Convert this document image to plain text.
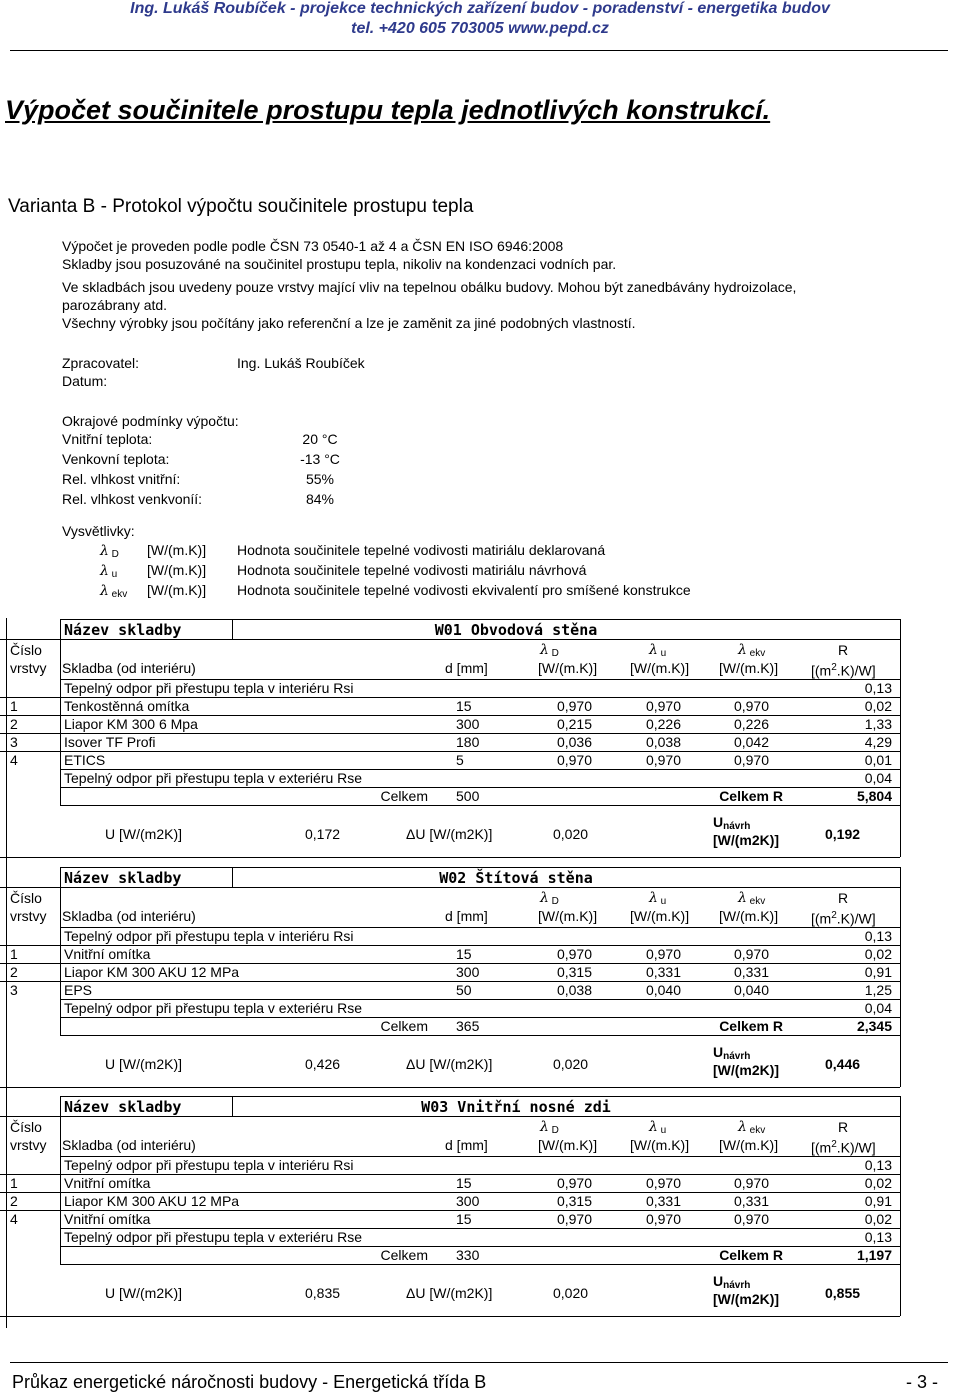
Ing. Lukáš Roubíček - projekce technických zařízení budov - poradenství - energetika budov
tel. +420 605 703005 www.pepd.cz
Výpočet součinitele prostupu tepla jednotlivých konstrukcí.
Varianta B - Protokol výpočtu součinitele prostupu tepla
Výpočet je proveden podle podle ČSN 73 0540-1 až 4 a ČSN EN ISO 6946:2008
Skladby jsou posuzováné na součinitel prostupu tepla, nikoliv na kondenzaci vodních par.
Ve skladbách jsou uvedeny pouze vrstvy mající vliv na tepelnou obálku budovy. Mohou být zanedbávány hydroizolace,
parozábrany atd.
Všechny výrobky jsou počítány jako referenční a lze je zaměnit za jiné podobných vlastností.
Zpracovatel:	Ing. Lukáš Roubíček
Datum:
Okrajové podmínky výpočtu:
Vnitřní teplota:	20 °C
Venkovní teplota:	-13 °C
Rel. vlhkost vnitřní:	55%
Rel. vlhkost venkvoníí:	84%
Vysvětlivky:
λ $_D$ [W/(m.K)] Hodnota součinitele tepelné vodivosti matiriálu deklarovaná
λ $_u$ [W/(m.K)] Hodnota součinitele tepelné vodivosti matiriálu návrhová
λ $_{ekv}$ [W/(m.K)] Hodnota součinitele tepelné vodivosti ekvivalentí pro smíšené konstrukce
Název skladby	W01 Obvodová stěna
Číslo
vrstvy Skladba (od interiéru)	d [mm]
λ $_D$
[W/(m.K)]
λ $_u$
[W/(m.K)]
λ $_{ekv}$
[W/(m.K)]
R
$[(m^2.K)/W]$
Tepelný odpor při přestupu tepla v interiéru Rsi	0,13
1	Tenkostěnná omítka	15	0,970	0,970	0,970	0,02
2	Liapor KM 300 6 Mpa	300	0,215	0,226	0,226	1,33
3	Isover TF Profi	180	0,036	0,038	0,042	4,29
4	ETICS	5	0,970	0,970	0,970	0,01
Tepelný odpor při přestupu tepla v exteriéru Rse	0,04
Celkem 500	Celkem R	5,804
U [W/(m2K)]	0,172	ΔU [W/(m2K)]	0,020
$U_{návrh}$
[W/(m2K)]	0,192
Název skladby	W02 Štítová stěna
Číslo
vrstvy Skladba (od interiéru)	d [mm]
λ $_D$
[W/(m.K)]
λ $_u$
[W/(m.K)]
λ $_{ekv}$
[W/(m.K)]
R
$[(m^2.K)/W]$
Tepelný odpor při přestupu tepla v interiéru Rsi	0,13
1	Vnitřní omítka	15	0,970	0,970	0,970	0,02
2	Liapor KM 300 AKU 12 MPa	300	0,315	0,331	0,331	0,91
3	EPS	50	0,038	0,040	0,040	1,25
Tepelný odpor při přestupu tepla v exteriéru Rse	0,04
Celkem 365	Celkem R	2,345
U [W/(m2K)]	0,426	ΔU [W/(m2K)]	0,020
$U_{návrh}$
[W/(m2K)]	0,446
Název skladby	W03 Vnitřní nosné zdi
Číslo
vrstvy Skladba (od interiéru)	d [mm]
λ $_D$
[W/(m.K)]
λ $_u$
[W/(m.K)]
λ $_{ekv}$
[W/(m.K)]
R
$[(m^2.K)/W]$
Tepelný odpor při přestupu tepla v interiéru Rsi	0,13
1	Vnitřní omítka	15	0,970	0,970	0,970	0,02
2	Liapor KM 300 AKU 12 MPa	300	0,315	0,331	0,331	0,91
4	Vnitřní omítka	15	0,970	0,970	0,970	0,02
Tepelný odpor při přestupu tepla v exteriéru Rse	0,13
Celkem 330	Celkem R	1,197
U [W/(m2K)]	0,835	ΔU [W/(m2K)]	0,020
$U_{návrh}$
[W/(m2K)]	0,855
Průkaz energetické náročnosti budovy - Energetická třída B	- 3 -
